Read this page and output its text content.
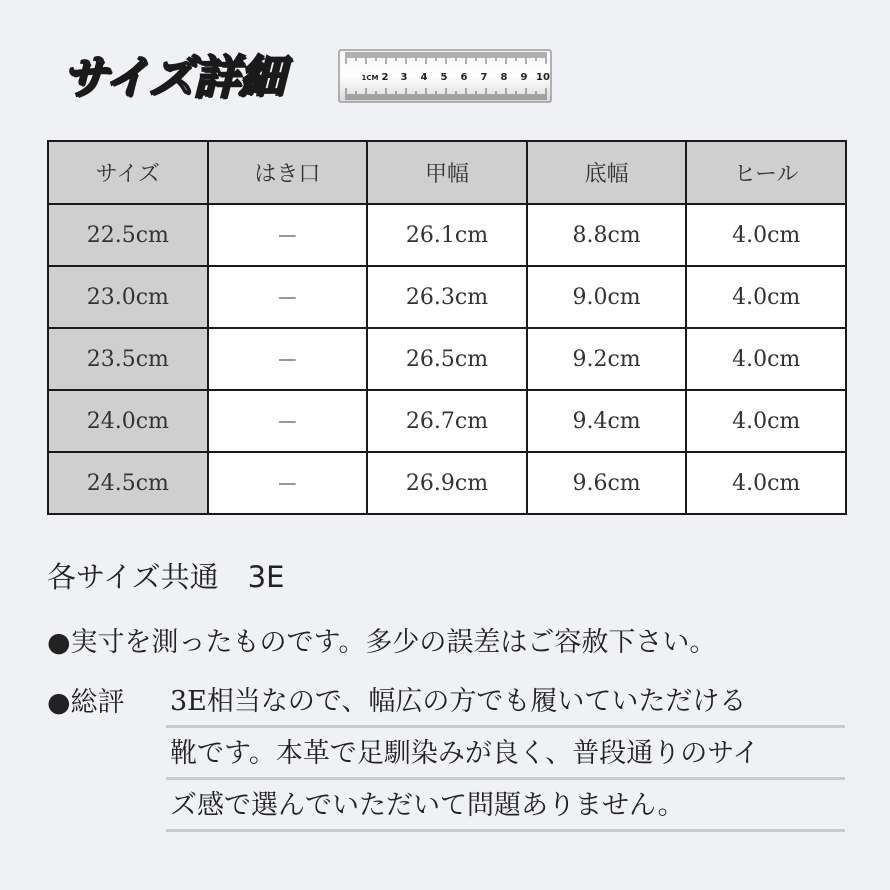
サイズ詳細	1CM 2 3 4 5 6 7 8 9 10
サイズ	はき口	甲幅	底幅	ヒール
22.5cm	－	26.1cm	8.8cm	4.0cm
23.0cm	－	26.3cm	9.0cm	4.0cm
23.5cm	－	26.5cm	9.2cm	4.0cm
24.0cm	－	26.7cm	9.4cm	4.0cm
24.5cm	－	26.9cm	9.6cm	4.0cm
各サイズ共通　3E
●実寸を測ったものです。多少の誤差はご容赦下さい。
●総評 3E相当なので、幅広の方でも履いていただける
靴です。本革で足馴染みが良く、普段通りのサイ
ズ感で選んでいただいて問題ありません。
